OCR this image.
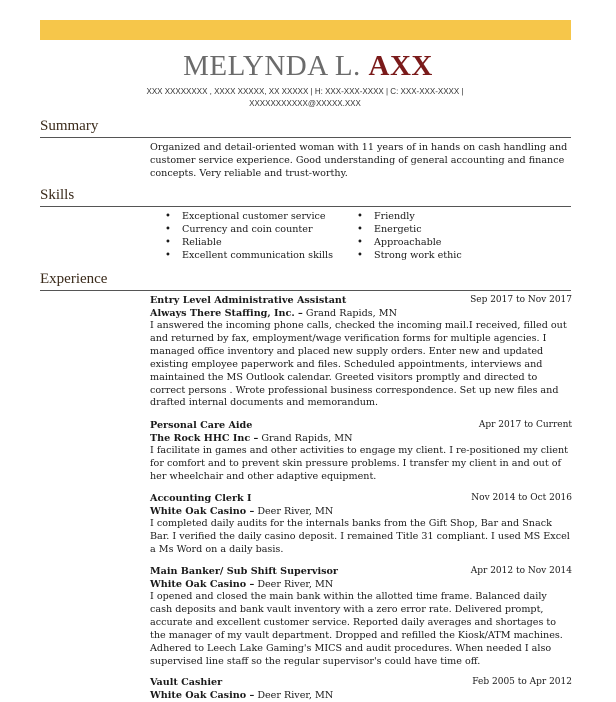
MELYNDA L. AXX
XXX XXXXXXXX , XXXX XXXXX, XX XXXXX | H: XXX-XXX-XXXX | C: XXX-XXX-XXXX |
XXXXXXXXXXX@XXXXX.XXX
Summary
Organized and detail-oriented woman with 11 years of in hands on cash handling and customer service experience. Good understanding of general accounting and finance concepts. Very reliable and trust-worthy.
Skills
• Exceptional customer service
• Currency and coin counter
• Reliable
• Excellent communication skills
• Friendly
• Energetic
• Approachable
• Strong work ethic
Experience
Entry Level Administrative Assistant	Sep 2017 to Nov 2017
Always There Staffing, Inc. –
Grand Rapids, MN
I answered the incoming phone calls, checked the incoming mail.I received, filled out and returned by fax, employment/wage verification forms for multiple agencies. I managed office inventory and placed new supply orders. Enter new and updated existing employee paperwork and files. Scheduled appointments, interviews and maintained the MS Outlook calendar. Greeted visitors promptly and directed to correct persons . Wrote professional business correspondence. Set up new files and drafted internal documents and memorandum.
Personal Care Aide	Apr 2017 to Current
The Rock HHC Inc –
Grand Rapids, MN
I facilitate in games and other activities to engage my client. I re-positioned my client for comfort and to prevent skin pressure problems. I transfer my client in and out of her wheelchair and other adaptive equipment.
Accounting Clerk I	Nov 2014 to Oct 2016
White Oak Casino –
Deer River, MN
I completed daily audits for the internals banks from the Gift Shop, Bar and Snack Bar. I verified the daily casino deposit. I remained Title 31 compliant. I used MS Excel a Ms Word on a daily basis.
Main Banker/ Sub Shift Supervisor	Apr 2012 to Nov 2014
White Oak Casino –
Deer River, MN
I opened and closed the main bank within the allotted time frame. Balanced daily cash deposits and bank vault inventory with a zero error rate. Delivered prompt, accurate and excellent customer service. Reported daily averages and shortages to the manager of my vault department. Dropped and refilled the Kiosk/ATM machines. Adhered to Leech Lake Gaming's MICS and audit procedures. When needed I also supervised line staff so the regular supervisor's could have time off.
Vault Cashier	Feb 2005 to Apr 2012
White Oak Casino –
Deer River, MN
